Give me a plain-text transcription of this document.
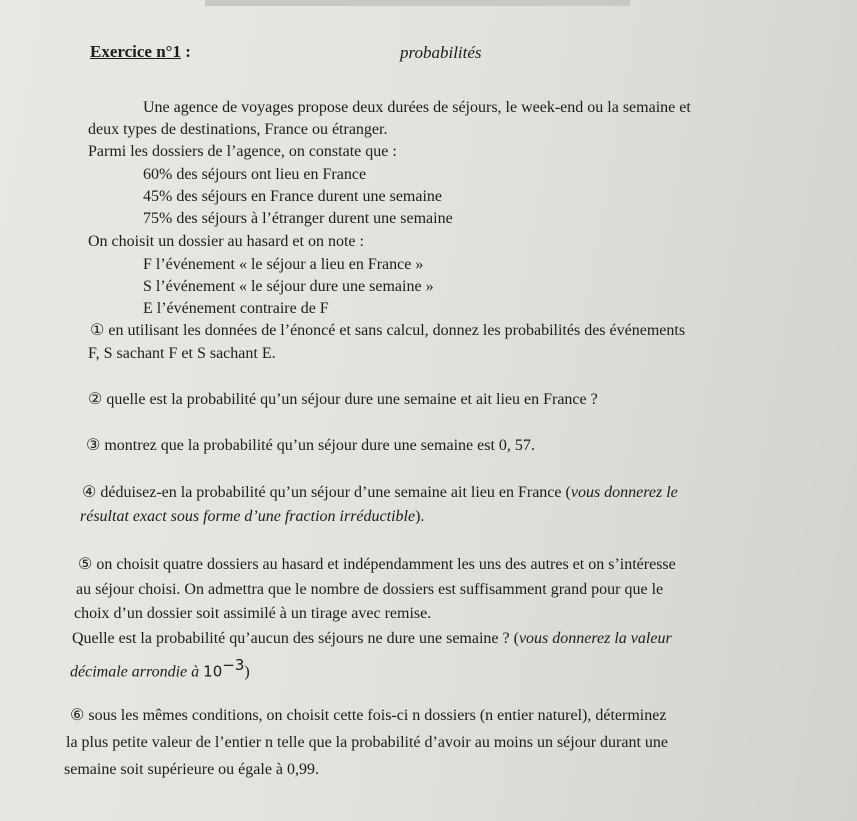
Exercice n°1 :	probabilités
Une agence de voyages propose deux durées de séjours, le week-end ou la semaine et
deux types de destinations, France ou étranger.
Parmi les dossiers de l’agence, on constate que :
60% des séjours ont lieu en France
45% des séjours en France durent une semaine
75% des séjours à l’étranger durent une semaine
On choisit un dossier au hasard et on note :
F l’événement « le séjour a lieu en France »
S l’événement « le séjour dure une semaine »
E l’événement contraire de F
① en utilisant les données de l’énoncé et sans calcul, donnez les probabilités des événements
F, S sachant F et S sachant E.
② quelle est la probabilité qu’un séjour dure une semaine et ait lieu en France ?
③ montrez que la probabilité qu’un séjour dure une semaine est 0, 57.
④ déduisez-en la probabilité qu’un séjour d’une semaine ait lieu en France (vous donnerez le
résultat exact sous forme d’une fraction irréductible).
⑤ on choisit quatre dossiers au hasard et indépendamment les uns des autres et on s’intéresse
au séjour choisi. On admettra que le nombre de dossiers est suffisamment grand pour que le
choix d’un dossier soit assimilé à un tirage avec remise.
Quelle est la probabilité qu’aucun des séjours ne dure une semaine ? (vous donnerez la valeur
décimale arrondie à $10^{-3}$)
⑥ sous les mêmes conditions, on choisit cette fois-ci n dossiers (n entier naturel), déterminez
la plus petite valeur de l’entier n telle que la probabilité d’avoir au moins un séjour durant une
semaine soit supérieure ou égale à 0,99.
